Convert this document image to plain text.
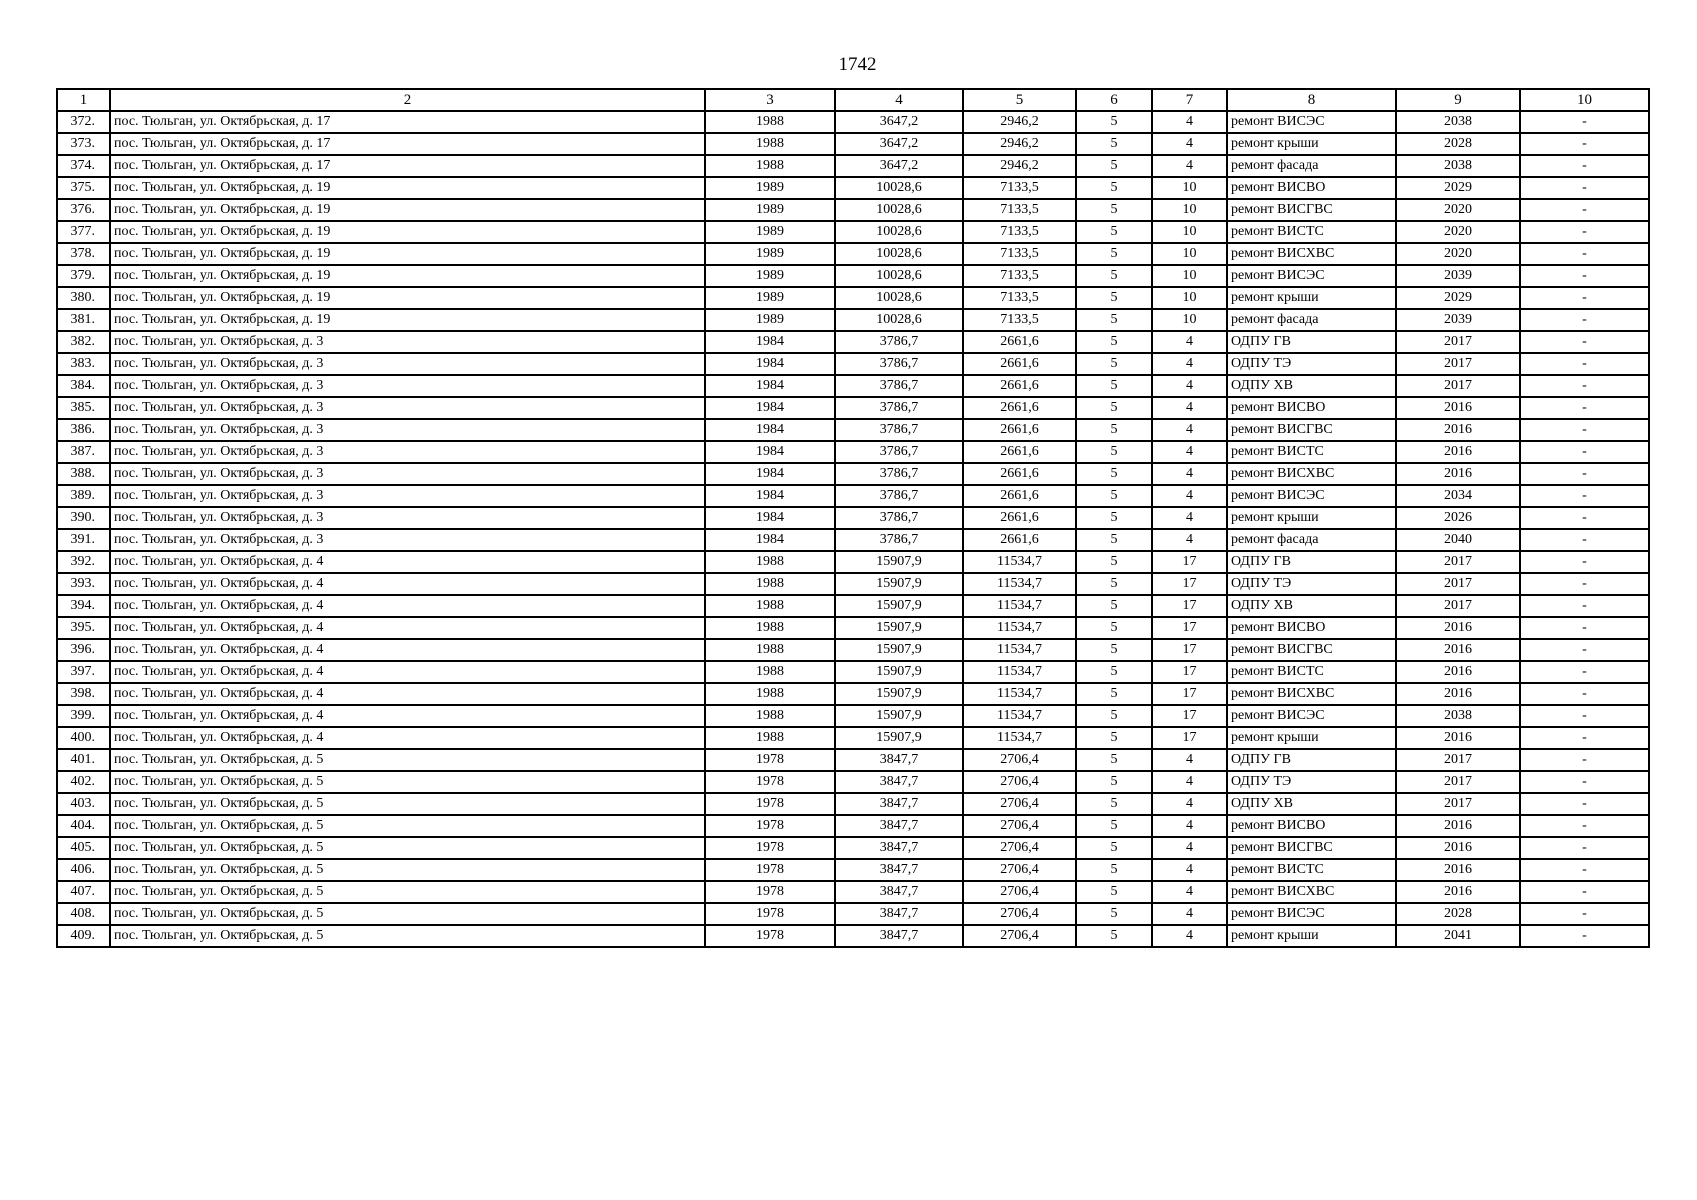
1742
1	2	3	4	5	6	7	8	9	10
372.	пос. Тюльган, ул. Октябрьская, д. 17	1988	3647,2	2946,2	5	4	ремонт ВИСЭС	2038	-
373.	пос. Тюльган, ул. Октябрьская, д. 17	1988	3647,2	2946,2	5	4	ремонт крыши	2028	-
374.	пос. Тюльган, ул. Октябрьская, д. 17	1988	3647,2	2946,2	5	4	ремонт фасада	2038	-
375.	пос. Тюльган, ул. Октябрьская, д. 19	1989	10028,6	7133,5	5	10	ремонт ВИСВО	2029	-
376.	пос. Тюльган, ул. Октябрьская, д. 19	1989	10028,6	7133,5	5	10	ремонт ВИСГВС	2020	-
377.	пос. Тюльган, ул. Октябрьская, д. 19	1989	10028,6	7133,5	5	10	ремонт ВИСТС	2020	-
378.	пос. Тюльган, ул. Октябрьская, д. 19	1989	10028,6	7133,5	5	10	ремонт ВИСХВС	2020	-
379.	пос. Тюльган, ул. Октябрьская, д. 19	1989	10028,6	7133,5	5	10	ремонт ВИСЭС	2039	-
380.	пос. Тюльган, ул. Октябрьская, д. 19	1989	10028,6	7133,5	5	10	ремонт крыши	2029	-
381.	пос. Тюльган, ул. Октябрьская, д. 19	1989	10028,6	7133,5	5	10	ремонт фасада	2039	-
382.	пос. Тюльган, ул. Октябрьская, д. 3	1984	3786,7	2661,6	5	4	ОДПУ ГВ	2017	-
383.	пос. Тюльган, ул. Октябрьская, д. 3	1984	3786,7	2661,6	5	4	ОДПУ ТЭ	2017	-
384.	пос. Тюльган, ул. Октябрьская, д. 3	1984	3786,7	2661,6	5	4	ОДПУ ХВ	2017	-
385.	пос. Тюльган, ул. Октябрьская, д. 3	1984	3786,7	2661,6	5	4	ремонт ВИСВО	2016	-
386.	пос. Тюльган, ул. Октябрьская, д. 3	1984	3786,7	2661,6	5	4	ремонт ВИСГВС	2016	-
387.	пос. Тюльган, ул. Октябрьская, д. 3	1984	3786,7	2661,6	5	4	ремонт ВИСТС	2016	-
388.	пос. Тюльган, ул. Октябрьская, д. 3	1984	3786,7	2661,6	5	4	ремонт ВИСХВС	2016	-
389.	пос. Тюльган, ул. Октябрьская, д. 3	1984	3786,7	2661,6	5	4	ремонт ВИСЭС	2034	-
390.	пос. Тюльган, ул. Октябрьская, д. 3	1984	3786,7	2661,6	5	4	ремонт крыши	2026	-
391.	пос. Тюльган, ул. Октябрьская, д. 3	1984	3786,7	2661,6	5	4	ремонт фасада	2040	-
392.	пос. Тюльган, ул. Октябрьская, д. 4	1988	15907,9	11534,7	5	17	ОДПУ ГВ	2017	-
393.	пос. Тюльган, ул. Октябрьская, д. 4	1988	15907,9	11534,7	5	17	ОДПУ ТЭ	2017	-
394.	пос. Тюльган, ул. Октябрьская, д. 4	1988	15907,9	11534,7	5	17	ОДПУ ХВ	2017	-
395.	пос. Тюльган, ул. Октябрьская, д. 4	1988	15907,9	11534,7	5	17	ремонт ВИСВО	2016	-
396.	пос. Тюльган, ул. Октябрьская, д. 4	1988	15907,9	11534,7	5	17	ремонт ВИСГВС	2016	-
397.	пос. Тюльган, ул. Октябрьская, д. 4	1988	15907,9	11534,7	5	17	ремонт ВИСТС	2016	-
398.	пос. Тюльган, ул. Октябрьская, д. 4	1988	15907,9	11534,7	5	17	ремонт ВИСХВС	2016	-
399.	пос. Тюльган, ул. Октябрьская, д. 4	1988	15907,9	11534,7	5	17	ремонт ВИСЭС	2038	-
400.	пос. Тюльган, ул. Октябрьская, д. 4	1988	15907,9	11534,7	5	17	ремонт крыши	2016	-
401.	пос. Тюльган, ул. Октябрьская, д. 5	1978	3847,7	2706,4	5	4	ОДПУ ГВ	2017	-
402.	пос. Тюльган, ул. Октябрьская, д. 5	1978	3847,7	2706,4	5	4	ОДПУ ТЭ	2017	-
403.	пос. Тюльган, ул. Октябрьская, д. 5	1978	3847,7	2706,4	5	4	ОДПУ ХВ	2017	-
404.	пос. Тюльган, ул. Октябрьская, д. 5	1978	3847,7	2706,4	5	4	ремонт ВИСВО	2016	-
405.	пос. Тюльган, ул. Октябрьская, д. 5	1978	3847,7	2706,4	5	4	ремонт ВИСГВС	2016	-
406.	пос. Тюльган, ул. Октябрьская, д. 5	1978	3847,7	2706,4	5	4	ремонт ВИСТС	2016	-
407.	пос. Тюльган, ул. Октябрьская, д. 5	1978	3847,7	2706,4	5	4	ремонт ВИСХВС	2016	-
408.	пос. Тюльган, ул. Октябрьская, д. 5	1978	3847,7	2706,4	5	4	ремонт ВИСЭС	2028	-
409.	пос. Тюльган, ул. Октябрьская, д. 5	1978	3847,7	2706,4	5	4	ремонт крыши	2041	-
